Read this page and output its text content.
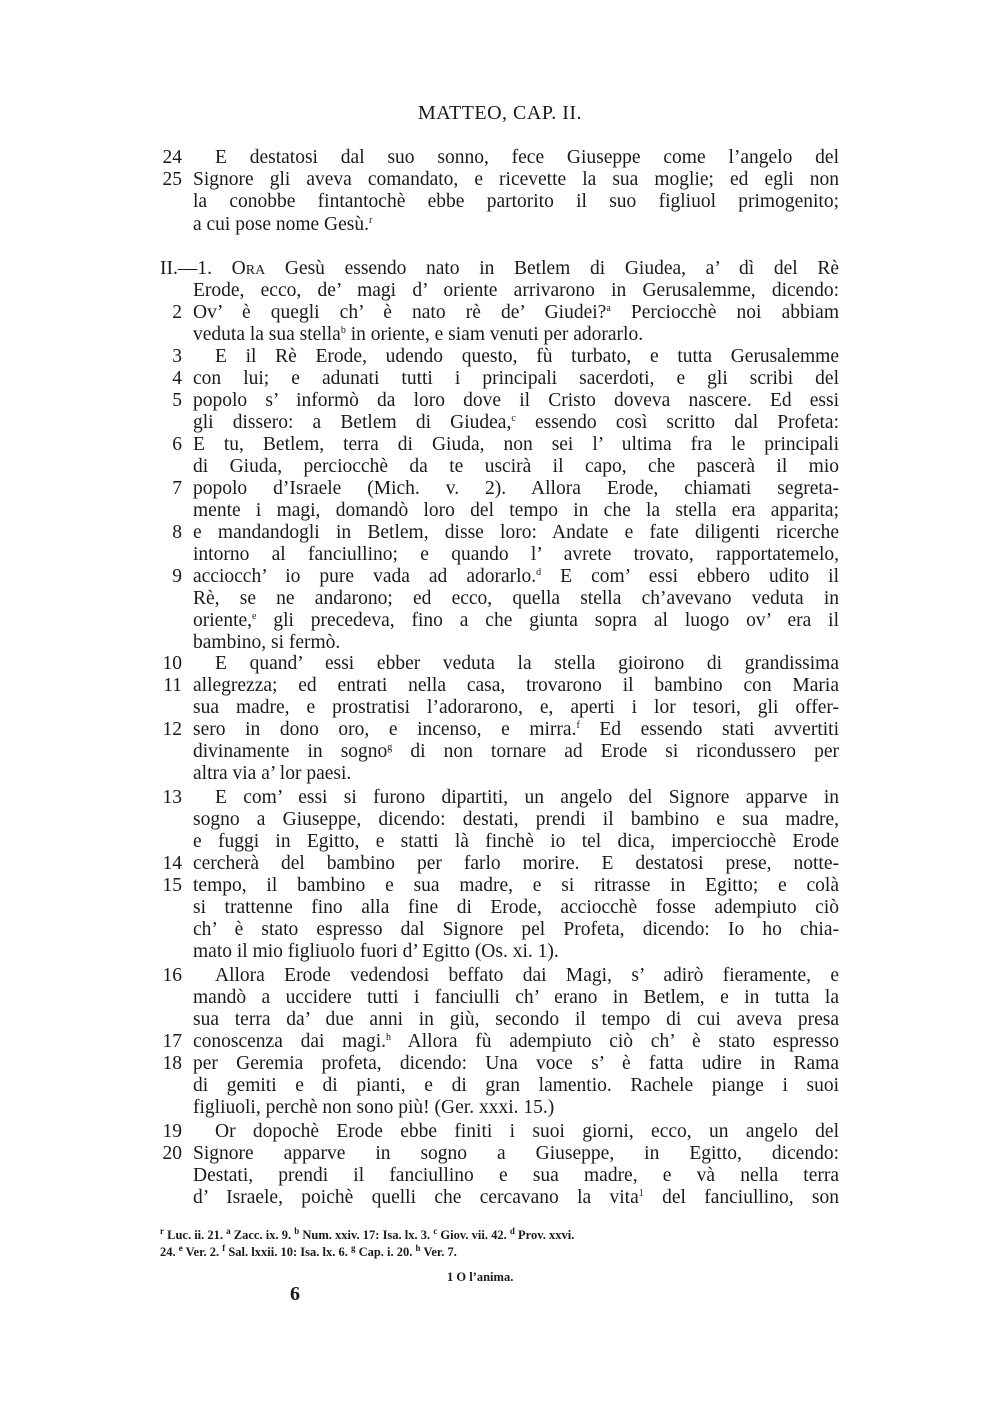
MATTEO, CAP. II.
24	E destatosi dal suo sonno, fece Giuseppe come l’angelo del
25 Signore gli aveva comandato, e ricevette la sua moglie; ed egli non
la conobbe fintantochè ebbe partorito il suo figliuol primogenito;
a cui pose nome Gesù.$^r$
II.—1. Ora Gesù essendo nato in Betlem di Giudea, a’ dì del Rè
Erode, ecco, de’ magi d’ oriente arrivarono in Gerusalemme, dicendo:
2 Ov’ è quegli ch’ è nato rè de’ Giudei?$^a$ Perciocchè noi abbiam
veduta la sua stella$^b$ in oriente, e siam venuti per adorarlo.
3	E il Rè Erode, udendo questo, fù turbato, e tutta Gerusalemme
4 con lui; e adunati tutti i principali sacerdoti, e gli scribi del
5 popolo s’ informò da loro dove il Cristo doveva nascere. Ed essi
gli dissero: a Betlem di Giudea,$^c$ essendo così scritto dal Profeta:
6 E tu, Betlem, terra di Giuda, non sei l’ ultima fra le principali
di Giuda, perciocchè da te uscirà il capo, che pascerà il mio
7 popolo d’Israele (Mich. v. 2). Allora Erode, chiamati segreta-
mente i magi, domandò loro del tempo in che la stella era apparita;
8 e mandandogli in Betlem, disse loro: Andate e fate diligenti ricerche
intorno al fanciullino; e quando l’ avrete trovato, rapportatemelo,
9 acciocch’ io pure vada ad adorarlo.$^d$ E com’ essi ebbero udito il
Rè, se ne andarono; ed ecco, quella stella ch’avevano veduta in
oriente,$^e$ gli precedeva, fino a che giunta sopra al luogo ov’ era il
bambino, si fermò.
10	E quand’ essi ebber veduta la stella gioirono di grandissima
11 allegrezza; ed entrati nella casa, trovarono il bambino con Maria
sua madre, e prostratisi l’adorarono, e, aperti i lor tesori, gli offer-
12 sero in dono oro, e incenso, e mirra.$^f$ Ed essendo stati avvertiti
divinamente in sogno$^g$ di non tornare ad Erode si ricondussero per
altra via a’ lor paesi.
13	E com’ essi si furono dipartiti, un angelo del Signore apparve in
sogno a Giuseppe, dicendo: destati, prendi il bambino e sua madre,
e fuggi in Egitto, e statti là finchè io tel dica, imperciocchè Erode
14 cercherà del bambino per farlo morire. E destatosi prese, notte-
15 tempo, il bambino e sua madre, e si ritrasse in Egitto; e colà
si trattenne fino alla fine di Erode, acciocchè fosse adempiuto ciò
ch’ è stato espresso dal Signore pel Profeta, dicendo: Io ho chia-
mato il mio figliuolo fuori d’ Egitto (Os. xi. 1).
16	Allora Erode vedendosi beffato dai Magi, s’ adirò fieramente, e
mandò a uccidere tutti i fanciulli ch’ erano in Betlem, e in tutta la
sua terra da’ due anni in giù, secondo il tempo di cui aveva presa
17 conoscenza dai magi.$^h$ Allora fù adempiuto ciò ch’ è stato espresso
18 per Geremia profeta, dicendo: Una voce s’ è fatta udire in Rama
di gemiti e di pianti, e di gran lamentio. Rachele piange i suoi
figliuoli, perchè non sono più! (Ger. xxxi. 15.)
19	Or dopochè Erode ebbe finiti i suoi giorni, ecco, un angelo del
20 Signore apparve in sogno a Giuseppe, in Egitto, dicendo:
Destati, prendi il fanciullino e sua madre, e và nella terra
d’ Israele, poichè quelli che cercavano la vita$^1$ del fanciullino, son
$^r$ Luc. ii. 21. $^a$ Zacc. ix. 9. $^b$ Num. xxiv. 17: Isa. lx. 3. $^c$ Giov. vii. 42. $^d$ Prov. xxvi.
24. $^e$ Ver. 2. $^f$ Sal. lxxii. 10: Isa. lx. 6. $^g$ Cap. i. 20. $^h$ Ver. 7.
1 O l’anima.
6
